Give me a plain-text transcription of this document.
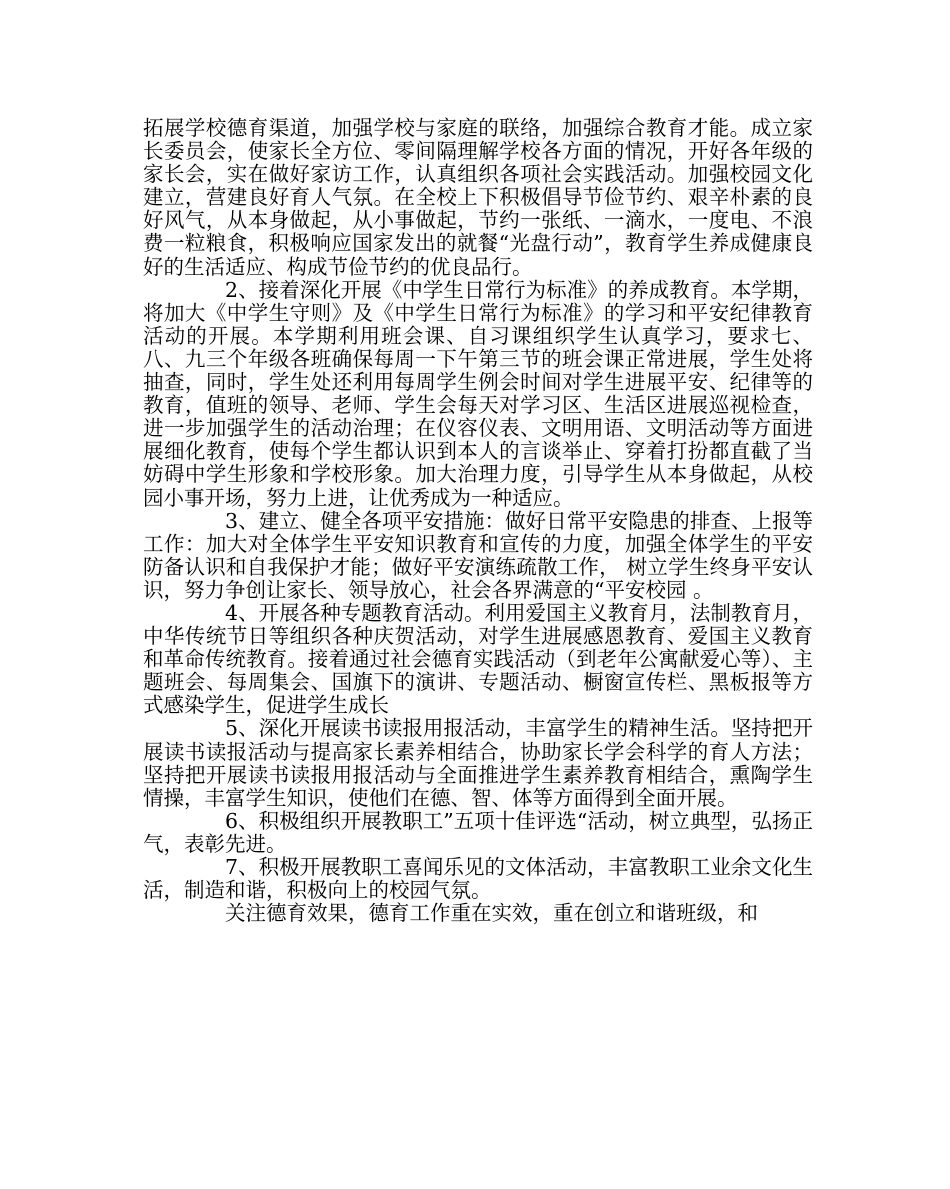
拓展学校德育渠道，加强学校与家庭的联络，加强综合教育才能。成立家长委员会，使家长全方位、零间隔理解学校各方面的情况，开好各年级的家长会，实在做好家访工作，认真组织各项社会实践活动。加强校园文化建立，营建良好育人气氛。在全校上下积极倡导节俭节约、艰辛朴素的良好风气，从本身做起，从小事做起，节约一张纸、一滴水，一度电、不浪费一粒粮食，积极响应国家发出的就餐“光盘行动”，教育学生养成健康良好的生活适应、构成节俭节约的优良品行。

2、接着深化开展《中学生日常行为标准》的养成教育。本学期，将加大《中学生守则》及《中学生日常行为标准》的学习和平安纪律教育活动的开展。本学期利用班会课、自习课组织学生认真学习，要求七、八、九三个年级各班确保每周一下午第三节的班会课正常进展，学生处将抽查，同时，学生处还利用每周学生例会时间对学生进展平安、纪律等的教育，值班的领导、老师、学生会每天对学习区、生活区进展巡视检查，进一步加强学生的活动治理；在仪容仪表、文明用语、文明活动等方面进展细化教育，使每个学生都认识到本人的言谈举止、穿着打扮都直截了当妨碍中学生形象和学校形象。加大治理力度，引导学生从本身做起，从校园小事开场，努力上进，让优秀成为一种适应。

3、建立、健全各项平安措施：做好日常平安隐患的排查、上报等工作：加大对全体学生平安知识教育和宣传的力度，加强全体学生的平安防备认识和自我保护才能；做好平安演练疏散工作， 树立学生终身平安认识，努力争创让家长、领导放心，社会各界满意的“平安校园 。

4、开展各种专题教育活动。利用爱国主义教育月，法制教育月，中华传统节日等组织各种庆贺活动，对学生进展感恩教育、爱国主义教育和革命传统教育。接着通过社会德育实践活动（到老年公寓献爱心等）、主题班会、每周集会、国旗下的演讲、专题活动、橱窗宣传栏、黑板报等方式感染学生，促进学生成长

5、深化开展读书读报用报活动，丰富学生的精神生活。坚持把开展读书读报活动与提高家长素养相结合，协助家长学会科学的育人方法；坚持把开展读书读报用报活动与全面推进学生素养教育相结合，熏陶学生情操，丰富学生知识，使他们在德、智、体等方面得到全面开展。

6、积极组织开展教职工”五项十佳评选“活动，树立典型，弘扬正气，表彰先进。

7、积极开展教职工喜闻乐见的文体活动，丰富教职工业余文化生活，制造和谐，积极向上的校园气氛。

关注德育效果，德育工作重在实效，重在创立和谐班级，和
